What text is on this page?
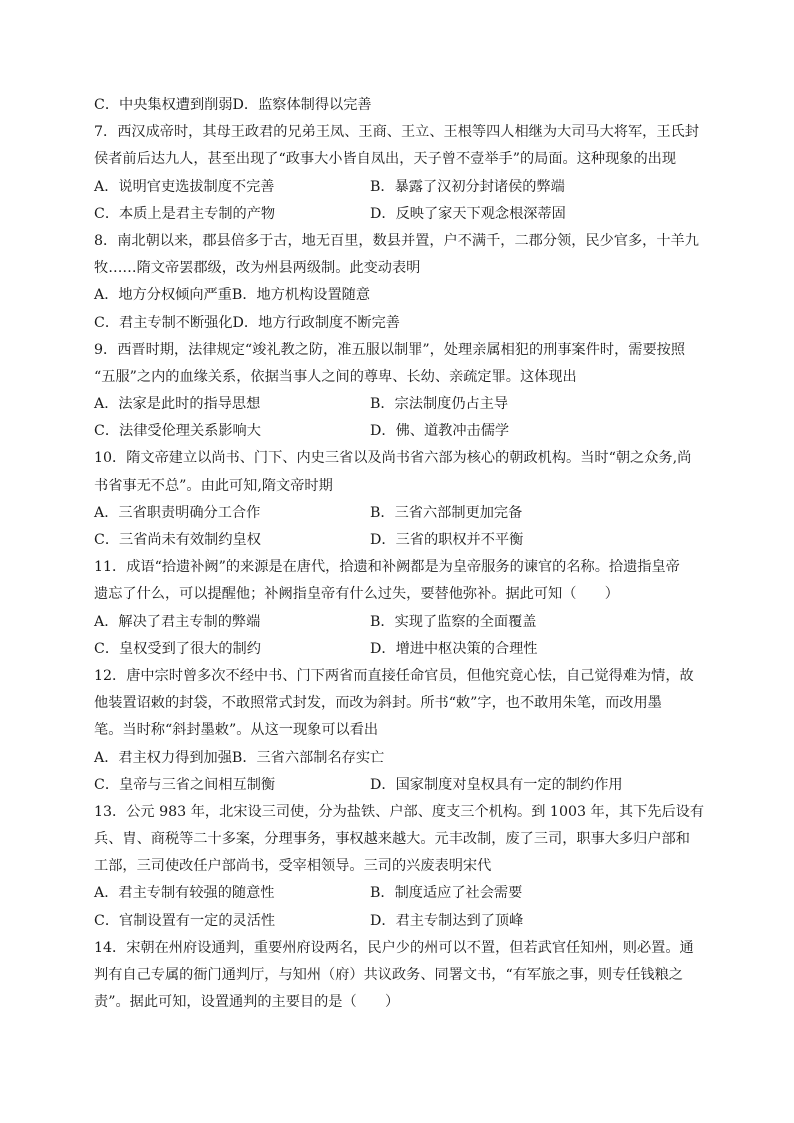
C．中央集权遭到削弱D．监察体制得以完善
7．西汉成帝时，其母王政君的兄弟王凤、王商、王立、王根等四人相继为大司马大将军，王氏封
侯者前后达九人，甚至出现了“政事大小皆自凤出，天子曾不壹举手”的局面。这种现象的出现
A．说明官吏选拔制度不完善	B．暴露了汉初分封诸侯的弊端
C．本质上是君主专制的产物	D．反映了家天下观念根深蒂固
8．南北朝以来，郡县倍多于古，地无百里，数县并置，户不满千，二郡分领，民少官多，十羊九
牧……隋文帝罢郡级，改为州县两级制。此变动表明
A．地方分权倾向严重B．地方机构设置随意
C．君主专制不断强化D．地方行政制度不断完善
9．西晋时期，法律规定“竣礼教之防，准五服以制罪”，处理亲属相犯的刑事案件时，需要按照
“五服”之内的血缘关系，依据当事人之间的尊卑、长幼、亲疏定罪。这体现出
A．法家是此时的指导思想	B．宗法制度仍占主导
C．法律受伦理关系影响大	D．佛、道教冲击儒学
10．隋文帝建立以尚书、门下、内史三省以及尚书省六部为核心的朝政机构。当时“朝之众务,尚
书省事无不总”。由此可知,隋文帝时期
A．三省职责明确分工合作	B．三省六部制更加完备
C．三省尚未有效制约皇权	D．三省的职权并不平衡
11．成语“拾遗补阙”的来源是在唐代，拾遗和补阙都是为皇帝服务的谏官的名称。拾遗指皇帝
遗忘了什么，可以提醒他；补阙指皇帝有什么过失，要替他弥补。据此可知（　　）
A．解决了君主专制的弊端	B．实现了监察的全面覆盖
C．皇权受到了很大的制约	D．增进中枢决策的合理性
12．唐中宗时曾多次不经中书、门下两省而直接任命官员，但他究竟心怯，自己觉得难为情，故
他装置诏敕的封袋，不敢照常式封发，而改为斜封。所书“敕”字，也不敢用朱笔，而改用墨
笔。当时称“斜封墨敕”。从这一现象可以看出
A．君主权力得到加强B．三省六部制名存实亡
C．皇帝与三省之间相互制衡	D．国家制度对皇权具有一定的制约作用
13．公元 983 年，北宋设三司使，分为盐铁、户部、度支三个机构。到 1003 年，其下先后设有
兵、胄、商税等二十多案，分理事务，事权越来越大。元丰改制，废了三司，职事大多归户部和
工部，三司使改任户部尚书，受宰相领导。三司的兴废表明宋代
A．君主专制有较强的随意性	B．制度适应了社会需要
C．官制设置有一定的灵活性	D．君主专制达到了顶峰
14．宋朝在州府设通判，重要州府设两名，民户少的州可以不置，但若武官任知州，则必置。通
判有自己专属的衙门通判厅，与知州（府）共议政务、同署文书，“有军旅之事，则专任钱粮之
责”。据此可知，设置通判的主要目的是（　　）
